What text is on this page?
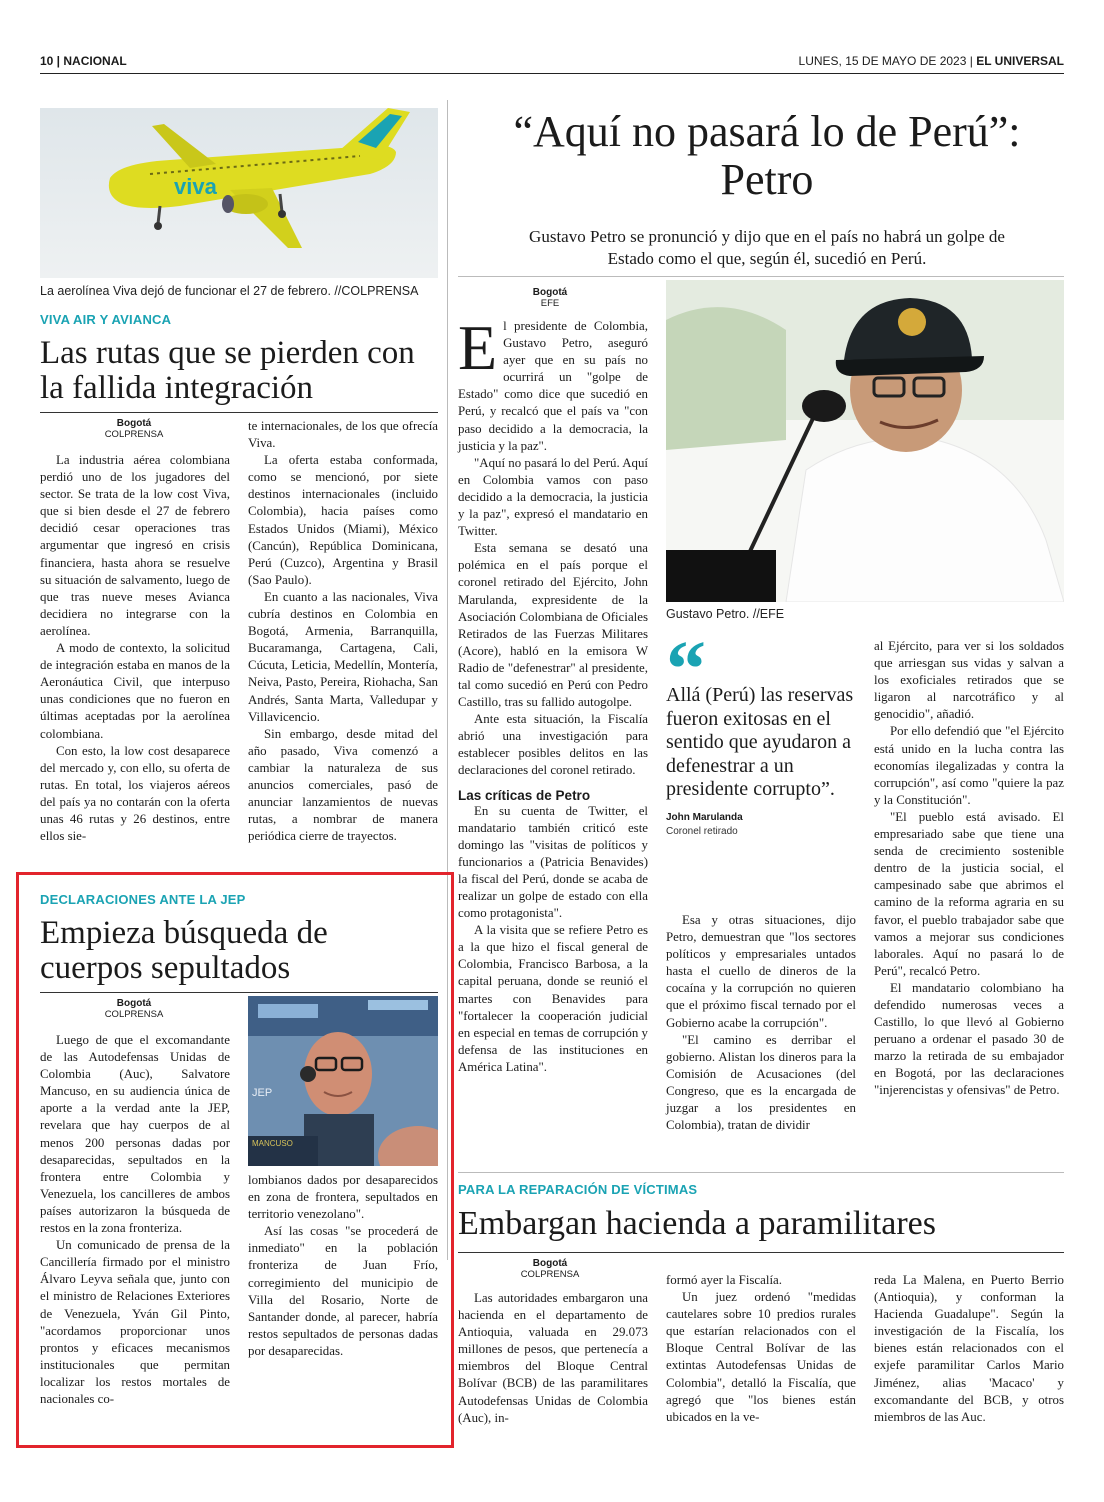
10 | NACIONAL	LUNES, 15 DE MAYO DE 2023 | EL UNIVERSAL
viva
La aerolínea Viva dejó de funcionar el 27 de febrero. //COLPRENSA
VIVA AIR Y AVIANCA
Las rutas que se pierden con la fallida integración
Bogotá
COLPRENSA

La industria aérea colombiana perdió uno de los jugadores del sector. Se trata de la low cost Viva, que si bien desde el 27 de febrero decidió cesar operaciones tras argumentar que ingresó en crisis financiera, hasta ahora se resuelve su situación de salvamento, luego de que tras nueve meses Avianca decidiera no integrarse con la aerolínea.

A modo de contexto, la solicitud de integración estaba en manos de la Aeronáutica Civil, que interpuso unas condiciones que no fueron en últimas aceptadas por la aerolínea colombiana.

Con esto, la low cost desaparece del mercado y, con ello, su oferta de rutas. En total, los viajeros aéreos del país ya no contarán con la oferta unas 46 rutas y 26 destinos, entre ellos sie-

te internacionales, de los que ofrecía Viva.

La oferta estaba conformada, como se mencionó, por siete destinos internacionales (incluido Colombia), hacia países como Estados Unidos (Miami), México (Cancún), República Dominicana, Perú (Cuzco), Argentina y Brasil (Sao Paulo).

En cuanto a las nacionales, Viva cubría destinos en Colombia en Bogotá, Armenia, Barranquilla, Bucaramanga, Cartagena, Cali, Cúcuta, Leticia, Medellín, Montería, Neiva, Pasto, Pereira, Riohacha, San Andrés, Santa Marta, Valledupar y Villavicencio.

Sin embargo, desde mitad del año pasado, Viva comenzó a cambiar la naturaleza de sus anuncios comerciales, pasó de anunciar lanzamientos de nuevas rutas, a nombrar de manera periódica cierre de trayectos.

DECLARACIONES ANTE LA JEP
Empieza búsqueda de cuerpos sepultados
Bogotá
COLPRENSA
JEP
MANCUSO

Luego de que el excomandante de las Autodefensas Unidas de Colombia (Auc), Salvatore Mancuso, en su audiencia única de aporte a la verdad ante la JEP, revelara que hay cuerpos de al menos 200 personas dadas por desaparecidas, sepultados en la frontera entre Colombia y Venezuela, los cancilleres de ambos países autorizaron la búsqueda de restos en la zona fronteriza.

Un comunicado de prensa de la Cancillería firmado por el ministro Álvaro Leyva señala que, junto con el ministro de Relaciones Exteriores de Venezuela, Yván Gil Pinto, "acordamos proporcionar unos prontos y eficaces mecanismos institucionales que permitan localizar los restos mortales de nacionales co-

lombianos dados por desaparecidos en zona de frontera, sepultados en territorio venezolano".

Así las cosas "se procederá de inmediato" en la población fronteriza de Juan Frío, corregimiento del municipio de Villa del Rosario, Norte de Santander donde, al parecer, habría restos sepultados de personas dadas por desaparecidas.

“Aquí no pasará lo de Perú”: Petro
Gustavo Petro se pronunció y dijo que en el país no habrá un golpe de Estado como el que, según él, sucedió en Perú.
Bogotá
EFE

El presidente de Colombia, Gustavo Petro, aseguró ayer que en su país no ocurrirá un "golpe de Estado" como dice que sucedió en Perú, y recalcó que el país va "con paso decidido a la democracia, la justicia y la paz".

"Aquí no pasará lo del Perú. Aquí en Colombia vamos con paso decidido a la democracia, la justicia y la paz", expresó el mandatario en Twitter.

Esta semana se desató una polémica en el país porque el coronel retirado del Ejército, John Marulanda, expresidente de la Asociación Colombiana de Oficiales Retirados de las Fuerzas Militares (Acore), habló en la emisora W Radio de "defenestrar" al presidente, tal como sucedió en Perú con Pedro Castillo, tras su fallido autogolpe.

Ante esta situación, la Fiscalía abrió una investigación para establecer posibles delitos en las declaraciones del coronel retirado.

Las críticas de Petro

En su cuenta de Twitter, el mandatario también criticó este domingo las "visitas de políticos y funcionarios a (Patricia Benavides) la fiscal del Perú, donde se acaba de realizar un golpe de estado con ella como protagonista".

A la visita que se refiere Petro es a la que hizo el fiscal general de Colombia, Francisco Barbosa, a la capital peruana, donde se reunió el martes con Benavides para "fortalecer la cooperación judicial en especial en temas de corrupción y defensa de las instituciones en América Latina".

Gustavo Petro. //EFE
“
Allá (Perú) las reservas fueron exitosas en el sentido que ayudaron a defenestrar a un presidente corrupto”.
John Marulanda
Coronel retirado

Esa y otras situaciones, dijo Petro, demuestran que "los sectores políticos y empresariales untados hasta el cuello de dineros de la cocaína y la corrupción no quieren que el próximo fiscal ternado por el Gobierno acabe la corrupción".

"El camino es derribar el gobierno. Alistan los dineros para la Comisión de Acusaciones (del Congreso, que es la encargada de juzgar a los presidentes en Colombia), tratan de dividir

al Ejército, para ver si los soldados que arriesgan sus vidas y salvan a los exoficiales retirados que se ligaron al narcotráfico y al genocidio", añadió.

Por ello defendió que "el Ejército está unido en la lucha contra las economías ilegalizadas y contra la corrupción", así como "quiere la paz y la Constitución".

"El pueblo está avisado. El empresariado sabe que tiene una senda de crecimiento sostenible dentro de la justicia social, el campesinado sabe que abrimos el camino de la reforma agraria en su favor, el pueblo trabajador sabe que vamos a mejorar sus condiciones laborales. Aquí no pasará lo de Perú", recalcó Petro.

El mandatario colombiano ha defendido numerosas veces a Castillo, lo que llevó al Gobierno peruano a ordenar el pasado 30 de marzo la retirada de su embajador en Bogotá, por las declaraciones "injerencistas y ofensivas" de Petro.

PARA LA REPARACIÓN DE VÍCTIMAS
Embargan hacienda a paramilitares
Bogotá
COLPRENSA

Las autoridades embargaron una hacienda en el departamento de Antioquia, valuada en 29.073 millones de pesos, que pertenecía a miembros del Bloque Central Bolívar (BCB) de las paramilitares Autodefensas Unidas de Colombia (Auc), in-

formó ayer la Fiscalía.

Un juez ordenó "medidas cautelares sobre 10 predios rurales que estarían relacionados con el Bloque Central Bolívar de las extintas Autodefensas Unidas de Colombia", detalló la Fiscalía, que agregó que "los bienes están ubicados en la ve-

reda La Malena, en Puerto Berrio (Antioquia), y conforman la Hacienda Guadalupe". Según la investigación de la Fiscalía, los bienes están relacionados con el exjefe paramilitar Carlos Mario Jiménez, alias 'Macaco' y excomandante del BCB, y otros miembros de las Auc.
